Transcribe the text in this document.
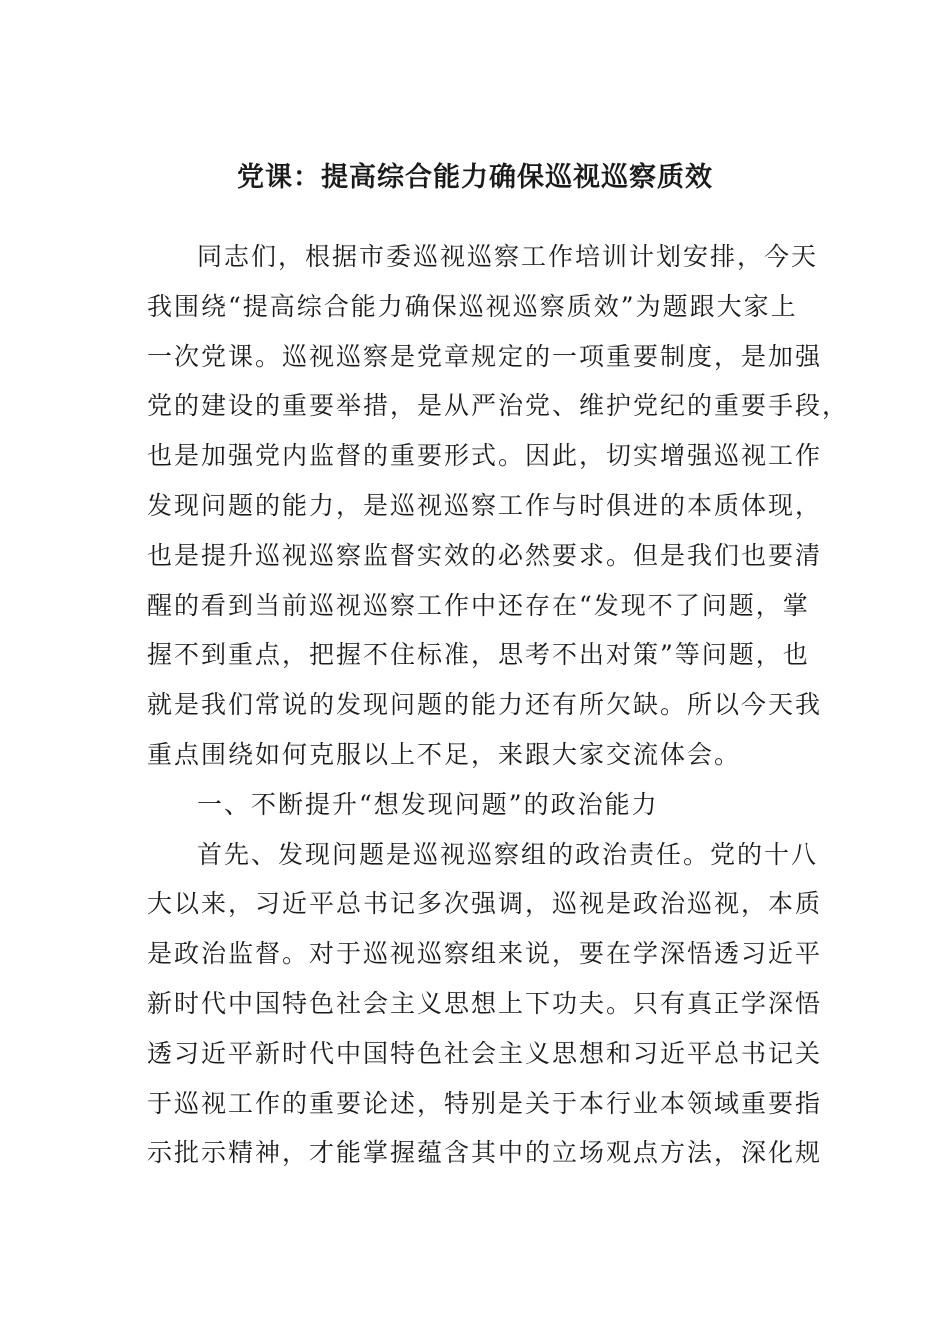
党课：提高综合能力确保巡视巡察质效
同志们，根据市委巡视巡察工作培训计划安排，今天
我围绕“提高综合能力确保巡视巡察质效”为题跟大家上
一次党课。巡视巡察是党章规定的一项重要制度，是加强
党的建设的重要举措，是从严治党、维护党纪的重要手段，
也是加强党内监督的重要形式。因此，切实增强巡视工作
发现问题的能力，是巡视巡察工作与时俱进的本质体现，
也是提升巡视巡察监督实效的必然要求。但是我们也要清
醒的看到当前巡视巡察工作中还存在“发现不了问题，掌
握不到重点，把握不住标准，思考不出对策”等问题，也
就是我们常说的发现问题的能力还有所欠缺。所以今天我
重点围绕如何克服以上不足，来跟大家交流体会。
一、不断提升“想发现问题”的政治能力
首先、发现问题是巡视巡察组的政治责任。党的十八
大以来，习近平总书记多次强调，巡视是政治巡视，本质
是政治监督。对于巡视巡察组来说，要在学深悟透习近平
新时代中国特色社会主义思想上下功夫。只有真正学深悟
透习近平新时代中国特色社会主义思想和习近平总书记关
于巡视工作的重要论述，特别是关于本行业本领域重要指
示批示精神，才能掌握蕴含其中的立场观点方法，深化规
